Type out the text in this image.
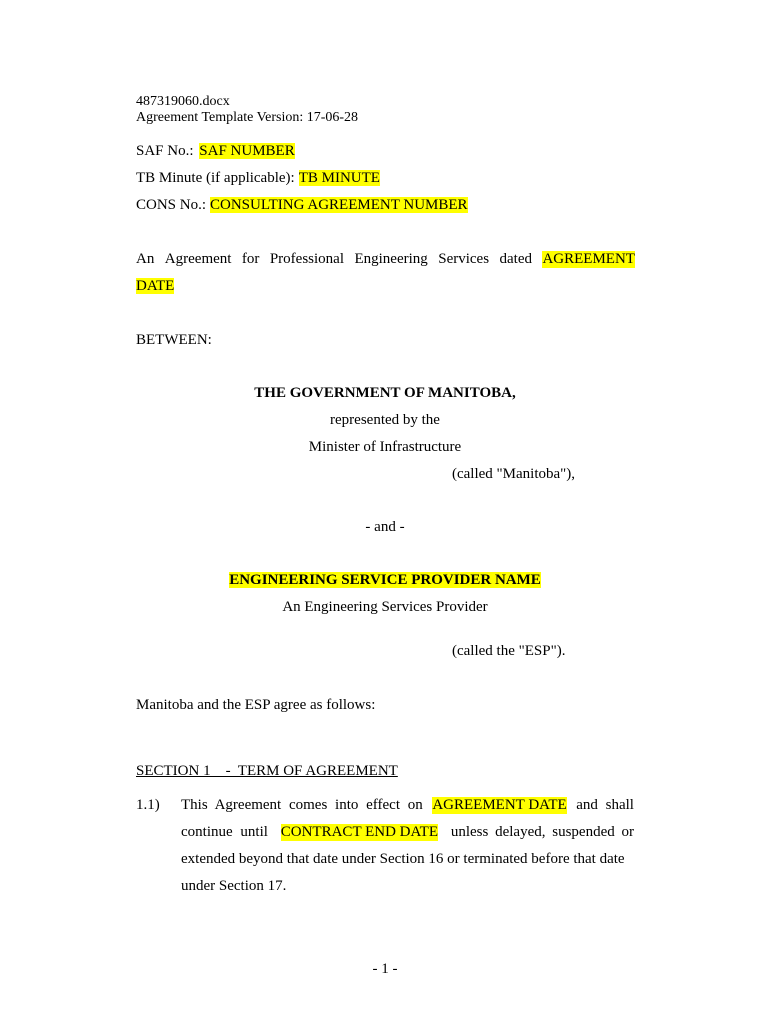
487319060.docx
Agreement Template Version: 17-06-28
SAF No.: SAF NUMBER
TB Minute (if applicable): TB MINUTE
CONS No.: CONSULTING AGREEMENT NUMBER
An Agreement for Professional Engineering Services dated AGREEMENT
DATE
BETWEEN:
THE GOVERNMENT OF MANITOBA,
represented by the
Minister of Infrastructure
(called "Manitoba"),
- and -
ENGINEERING SERVICE PROVIDER NAME
An Engineering Services Provider
(called the "ESP").
Manitoba and the ESP agree as follows:
SECTION 1    -  TERM OF AGREEMENT
1.1) This Agreement comes into effect on AGREEMENT DATE and shall
continue until CONTRACT END DATE unless delayed, suspended or
extended beyond that date under Section 16 or terminated before that date
under Section 17.
- 1 -
